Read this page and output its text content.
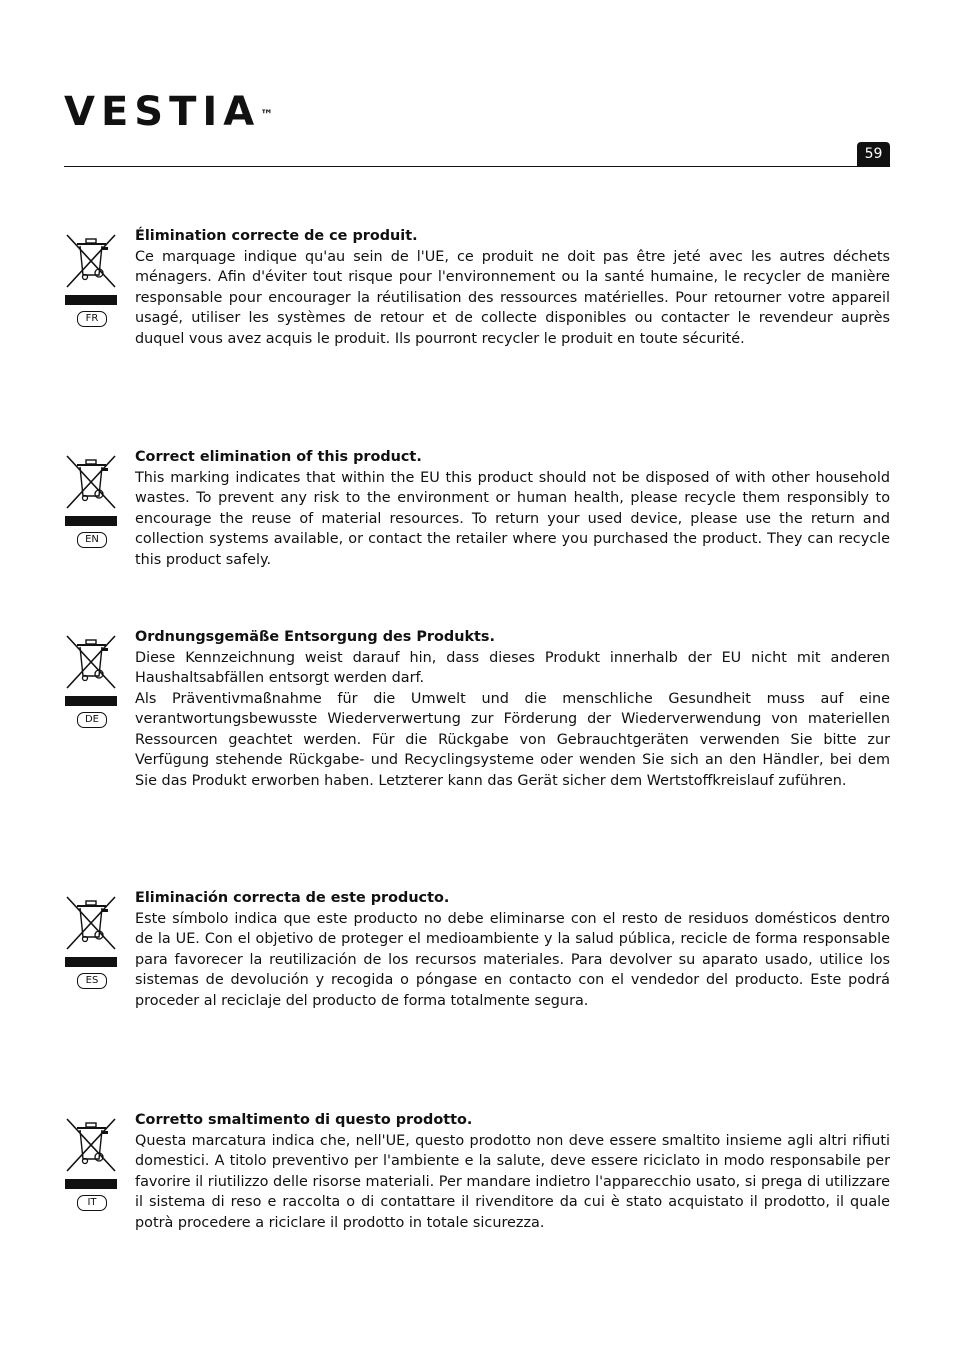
VESTIA™
59
FR
Élimination correcte de ce produit.
Ce marquage indique qu'au sein de l'UE, ce produit ne doit pas être jeté avec les autres déchets ménagers. Afin d'éviter tout risque pour l'environnement ou la santé humaine, le recycler de manière responsable pour encourager la réutilisation des ressources matérielles. Pour retourner votre appareil usagé, utiliser les systèmes de retour et de collecte disponibles ou contacter le revendeur auprès duquel vous avez acquis le produit. Ils pourront recycler le produit en toute sécurité.
EN
Correct elimination of this product.
This marking indicates that within the EU this product should not be disposed of with other household wastes. To prevent any risk to the environment or human health, please recycle them responsibly to encourage the reuse of material resources. To return your used device, please use the return and collection systems available, or contact the retailer where you purchased the product. They can recycle this product safely.
DE
Ordnungsgemäße Entsorgung des Produkts.
Diese Kennzeichnung weist darauf hin, dass dieses Produkt innerhalb der EU nicht mit anderen Haushaltsabfällen entsorgt werden darf.
Als Präventivmaßnahme für die Umwelt und die menschliche Gesundheit muss auf eine verantwortungsbewusste Wiederverwertung zur Förderung der Wiederverwendung von materiellen Ressourcen geachtet werden. Für die Rückgabe von Gebrauchtgeräten verwenden Sie bitte zur Verfügung stehende Rückgabe- und Recyclingsysteme oder wenden Sie sich an den Händler, bei dem Sie das Produkt erworben haben. Letzterer kann das Gerät sicher dem Wertstoffkreislauf zuführen.
ES
Eliminación correcta de este producto.
Este símbolo indica que este producto no debe eliminarse con el resto de residuos domésticos dentro de la UE. Con el objetivo de proteger el medioambiente y la salud pública, recicle de forma responsable para favorecer la reutilización de los recursos materiales. Para devolver su aparato usado, utilice los sistemas de devolución y recogida o póngase en contacto con el vendedor del producto. Este podrá proceder al reciclaje del producto de forma totalmente segura.
IT
Corretto smaltimento di questo prodotto.
Questa marcatura indica che, nell'UE, questo prodotto non deve essere smaltito insieme agli altri rifiuti domestici. A titolo preventivo per l'ambiente e la salute, deve essere riciclato in modo responsabile per favorire il riutilizzo delle risorse materiali. Per mandare indietro l'apparecchio usato, si prega di utilizzare il sistema di reso e raccolta o di contattare il rivenditore da cui è stato acquistato il prodotto, il quale potrà procedere a riciclare il prodotto in totale sicurezza.
